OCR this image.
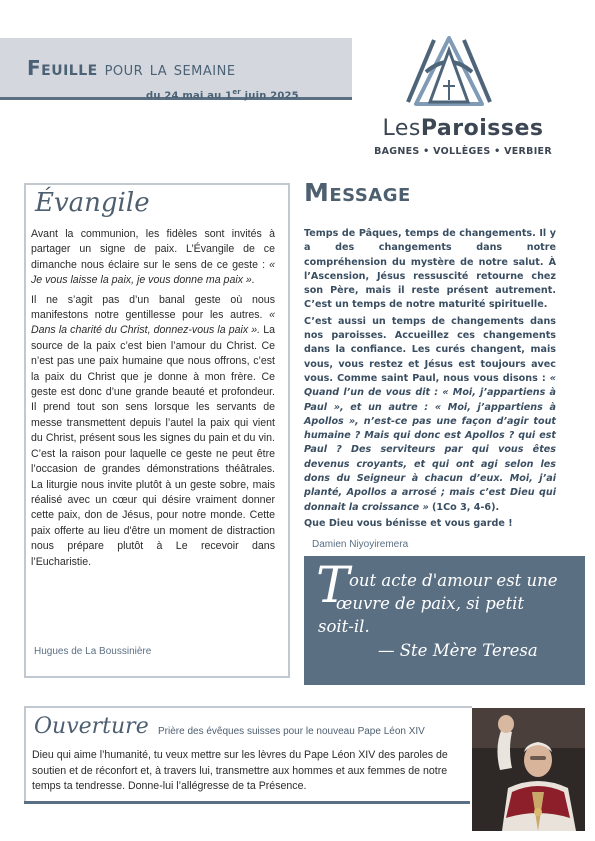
Feuille pour la semaine
du 24 mai au 1er juin 2025
LesParoisses
BAGNES • VOLLÈGES • VERBIER
Évangile

Avant la communion, les fidèles sont invités à partager un signe de paix. L’Évangile de ce dimanche nous éclaire sur le sens de ce geste : « Je vous laisse la paix, je vous donne ma paix ».

Il ne s’agit pas d’un banal geste où nous manifestons notre gentillesse pour les autres. « Dans la charité du Christ, donnez-vous la paix ». La source de la paix c’est bien l’amour du Christ. Ce n’est pas une paix humaine que nous offrons, c’est la paix du Christ que je donne à mon frère. Ce geste est donc d’une grande beauté et profondeur. Il prend tout son sens lorsque les servants de messe transmettent depuis l’autel la paix qui vient du Christ, présent sous les signes du pain et du vin. C’est la raison pour laquelle ce geste ne peut être l’occasion de grandes démonstrations théâtrales. La liturgie nous invite plutôt à un geste sobre, mais réalisé avec un cœur qui désire vraiment donner cette paix, don de Jésus, pour notre monde. Cette paix offerte au lieu d'être un moment de distraction nous prépare plutôt à Le recevoir dans l’Eucharistie.

Hugues de La Boussinière
Message

Temps de Pâques, temps de changements. Il y a des changements dans notre compréhension du mystère de notre salut. À l’Ascension, Jésus ressuscité retourne chez son Père, mais il reste présent autrement. C’est un temps de notre maturité spirituelle.

C’est aussi un temps de changements dans nos paroisses. Accueillez ces changements dans la confiance. Les curés changent, mais vous, vous restez et Jésus est toujours avec vous. Comme saint Paul, nous vous disons : « Quand l’un de vous dit : « Moi, j’appartiens à Paul », et un autre : « Moi, j’appartiens à Apollos », n’est-ce pas une façon d’agir tout humaine ? Mais qui donc est Apollos ? qui est Paul ? Des serviteurs par qui vous êtes devenus croyants, et qui ont agi selon les dons du Seigneur à chacun d’eux. Moi, j’ai planté, Apollos a arrosé ; mais c’est Dieu qui donnait la croissance » (1Co 3, 4-6).

Que Dieu vous bénisse et vous garde !

Damien Niyoyiremera
T out acte d'amour est une
œuvre de paix, si petit
soit-il.
— Ste Mère Teresa
Ouverture Prière des évêques suisses pour le nouveau Pape Léon XIV
Dieu qui aime l’humanité, tu veux mettre sur les lèvres du Pape Léon XIV des paroles de soutien et de réconfort et, à travers lui, transmettre aux hommes et aux femmes de notre temps ta tendresse. Donne-lui l’allégresse de ta Présence.
